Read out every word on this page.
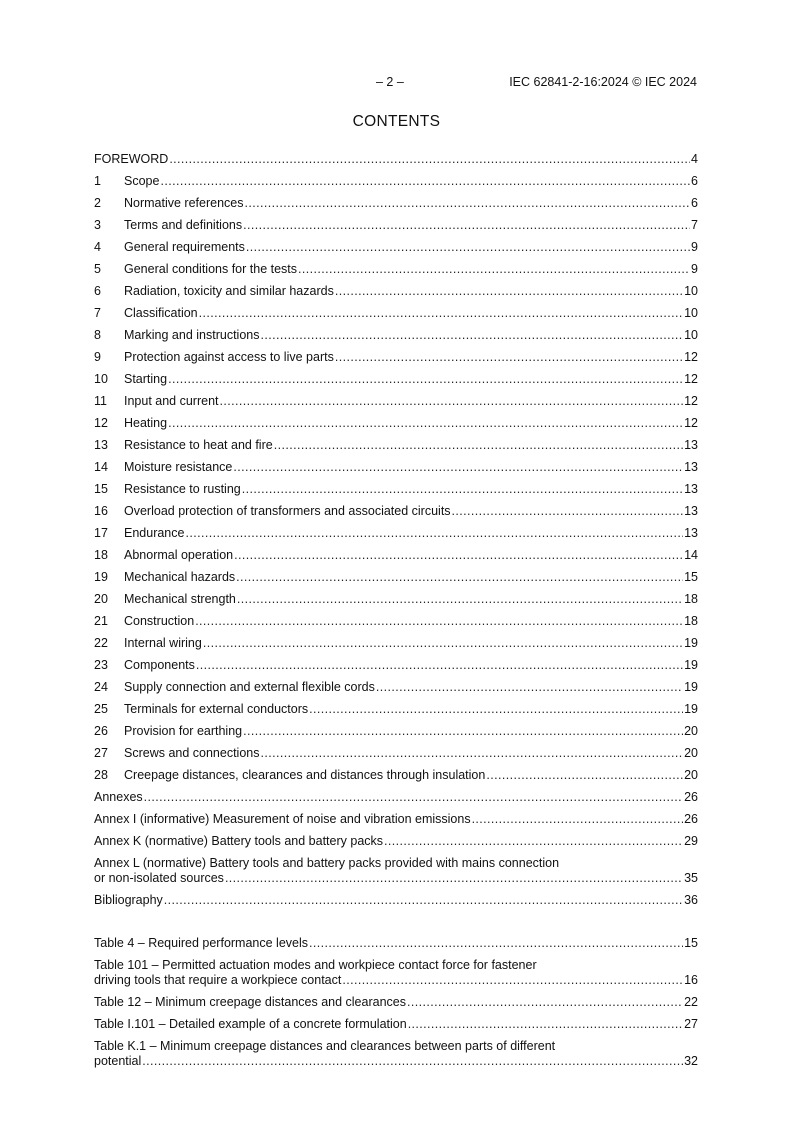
– 2 –	IEC 62841-2-16:2024 © IEC 2024
CONTENTS
FOREWORD .....	4
1	Scope .....	6
2	Normative references .....	6
3	Terms and definitions .....	7
4	General requirements .....	9
5	General conditions for the tests .....	9
6	Radiation, toxicity and similar hazards .....	10
7	Classification .....	10
8	Marking and instructions .....	10
9	Protection against access to live parts .....	12
10	Starting .....	12
11	Input and current .....	12
12	Heating .....	12
13	Resistance to heat and fire .....	13
14	Moisture resistance .....	13
15	Resistance to rusting .....	13
16	Overload protection of transformers and associated circuits .....	13
17	Endurance .....	13
18	Abnormal operation .....	14
19	Mechanical hazards .....	15
20	Mechanical strength .....	18
21	Construction .....	18
22	Internal wiring .....	19
23	Components .....	19
24	Supply connection and external flexible cords .....	19
25	Terminals for external conductors .....	19
26	Provision for earthing .....	20
27	Screws and connections .....	20
28	Creepage distances, clearances and distances through insulation .....	20
Annexes .....	26
Annex I (informative) Measurement of noise and vibration emissions .....	26
Annex K (normative) Battery tools and battery packs .....	29
Annex L (normative) Battery tools and battery packs provided with mains connection
or non-isolated sources .....	35
Bibliography .....	36
Table 4 – Required performance levels .....	15
Table 101 – Permitted actuation modes and workpiece contact force for fastener
driving tools that require a workpiece contact .....	16
Table 12 – Minimum creepage distances and clearances .....	22
Table I.101 – Detailed example of a concrete formulation .....	27
Table K.1 – Minimum creepage distances and clearances between parts of different
potential .....	32
